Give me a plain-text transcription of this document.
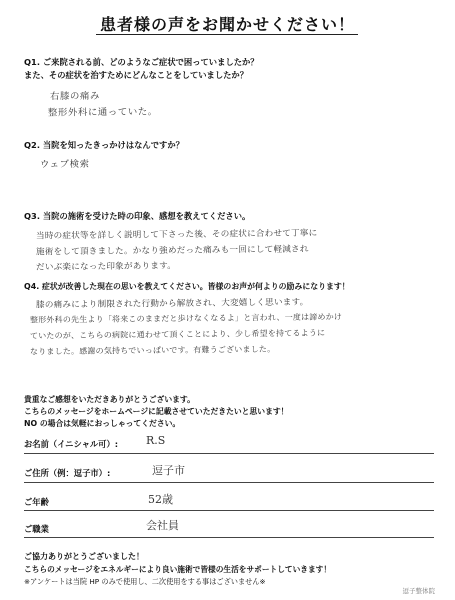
患者様の声をお聞かせください！
Q1. ご来院される前、どのようなご症状で困っていましたか？
また、その症状を治すためにどんなことをしていましたか？
右膝の痛み
整形外科に通っていた。
Q2. 当院を知ったきっかけはなんですか？
ウェブ検索
Q3. 当院の施術を受けた時の印象、感想を教えてください。
当時の症状等を詳しく説明して下さった後、その症状に合わせて丁寧に
施術をして頂きました。かなり強めだった痛みも一回にして軽減され
だいぶ楽になった印象があります。
Q4. 症状が改善した現在の思いを教えてください。皆様のお声が何よりの励みになります！
膝の痛みにより制限された行動から解放され、大変嬉しく思います。
整形外科の先生より「将来このままだと歩けなくなるよ」と言われ、一度は諦めかけ
ていたのが、こちらの病院に通わせて頂くことにより、少し希望を持てるように
なりました。感謝の気持ちでいっぱいです。有難うございました。
貴重なご感想をいただきありがとうございます。
こちらのメッセージをホームページに記載させていただきたいと思います！
NO の場合は気軽におっしゃってください。
お名前（イニシャル可）:	R.S
ご住所（例：逗子市）:	逗子市
ご年齢	52歳
ご職業	会社員
ご協力ありがとうございました！
こちらのメッセージをエネルギーにより良い施術で皆様の生活をサポートしていきます！
※アンケートは当院 HP のみで使用し、二次使用をする事はございません※
逗子整体院
